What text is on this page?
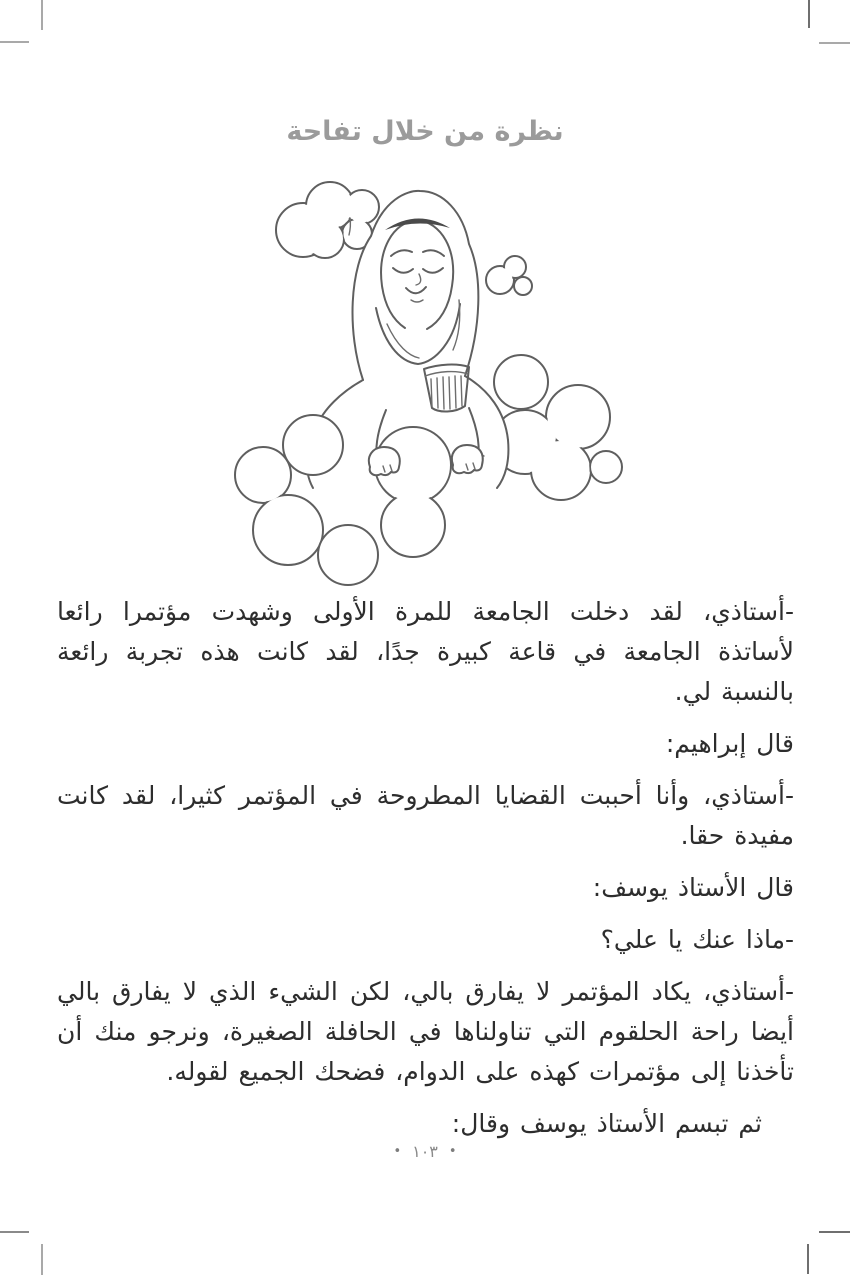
نظرة من خلال تفاحة

-أستاذي، لقد دخلت الجامعة للمرة الأولى وشهدت مؤتمرا رائعا لأساتذة الجامعة في قاعة كبيرة جدًا، لقد كانت هذه تجربة رائعة بالنسبة لي.

قال إبراهيم:

-أستاذي، وأنا أحببت القضايا المطروحة في المؤتمر كثيرا، لقد كانت مفيدة حقا.

قال الأستاذ يوسف:

-ماذا عنك يا علي؟

-أستاذي، يكاد المؤتمر لا يفارق بالي، لكن الشيء الذي لا يفارق بالي أيضا راحة الحلقوم التي تناولناها في الحافلة الصغيرة، ونرجو منك أن تأخذنا إلى مؤتمرات كهذه على الدوام، فضحك الجميع لقوله.

ثم تبسم الأستاذ يوسف وقال:

•١٠٣•
